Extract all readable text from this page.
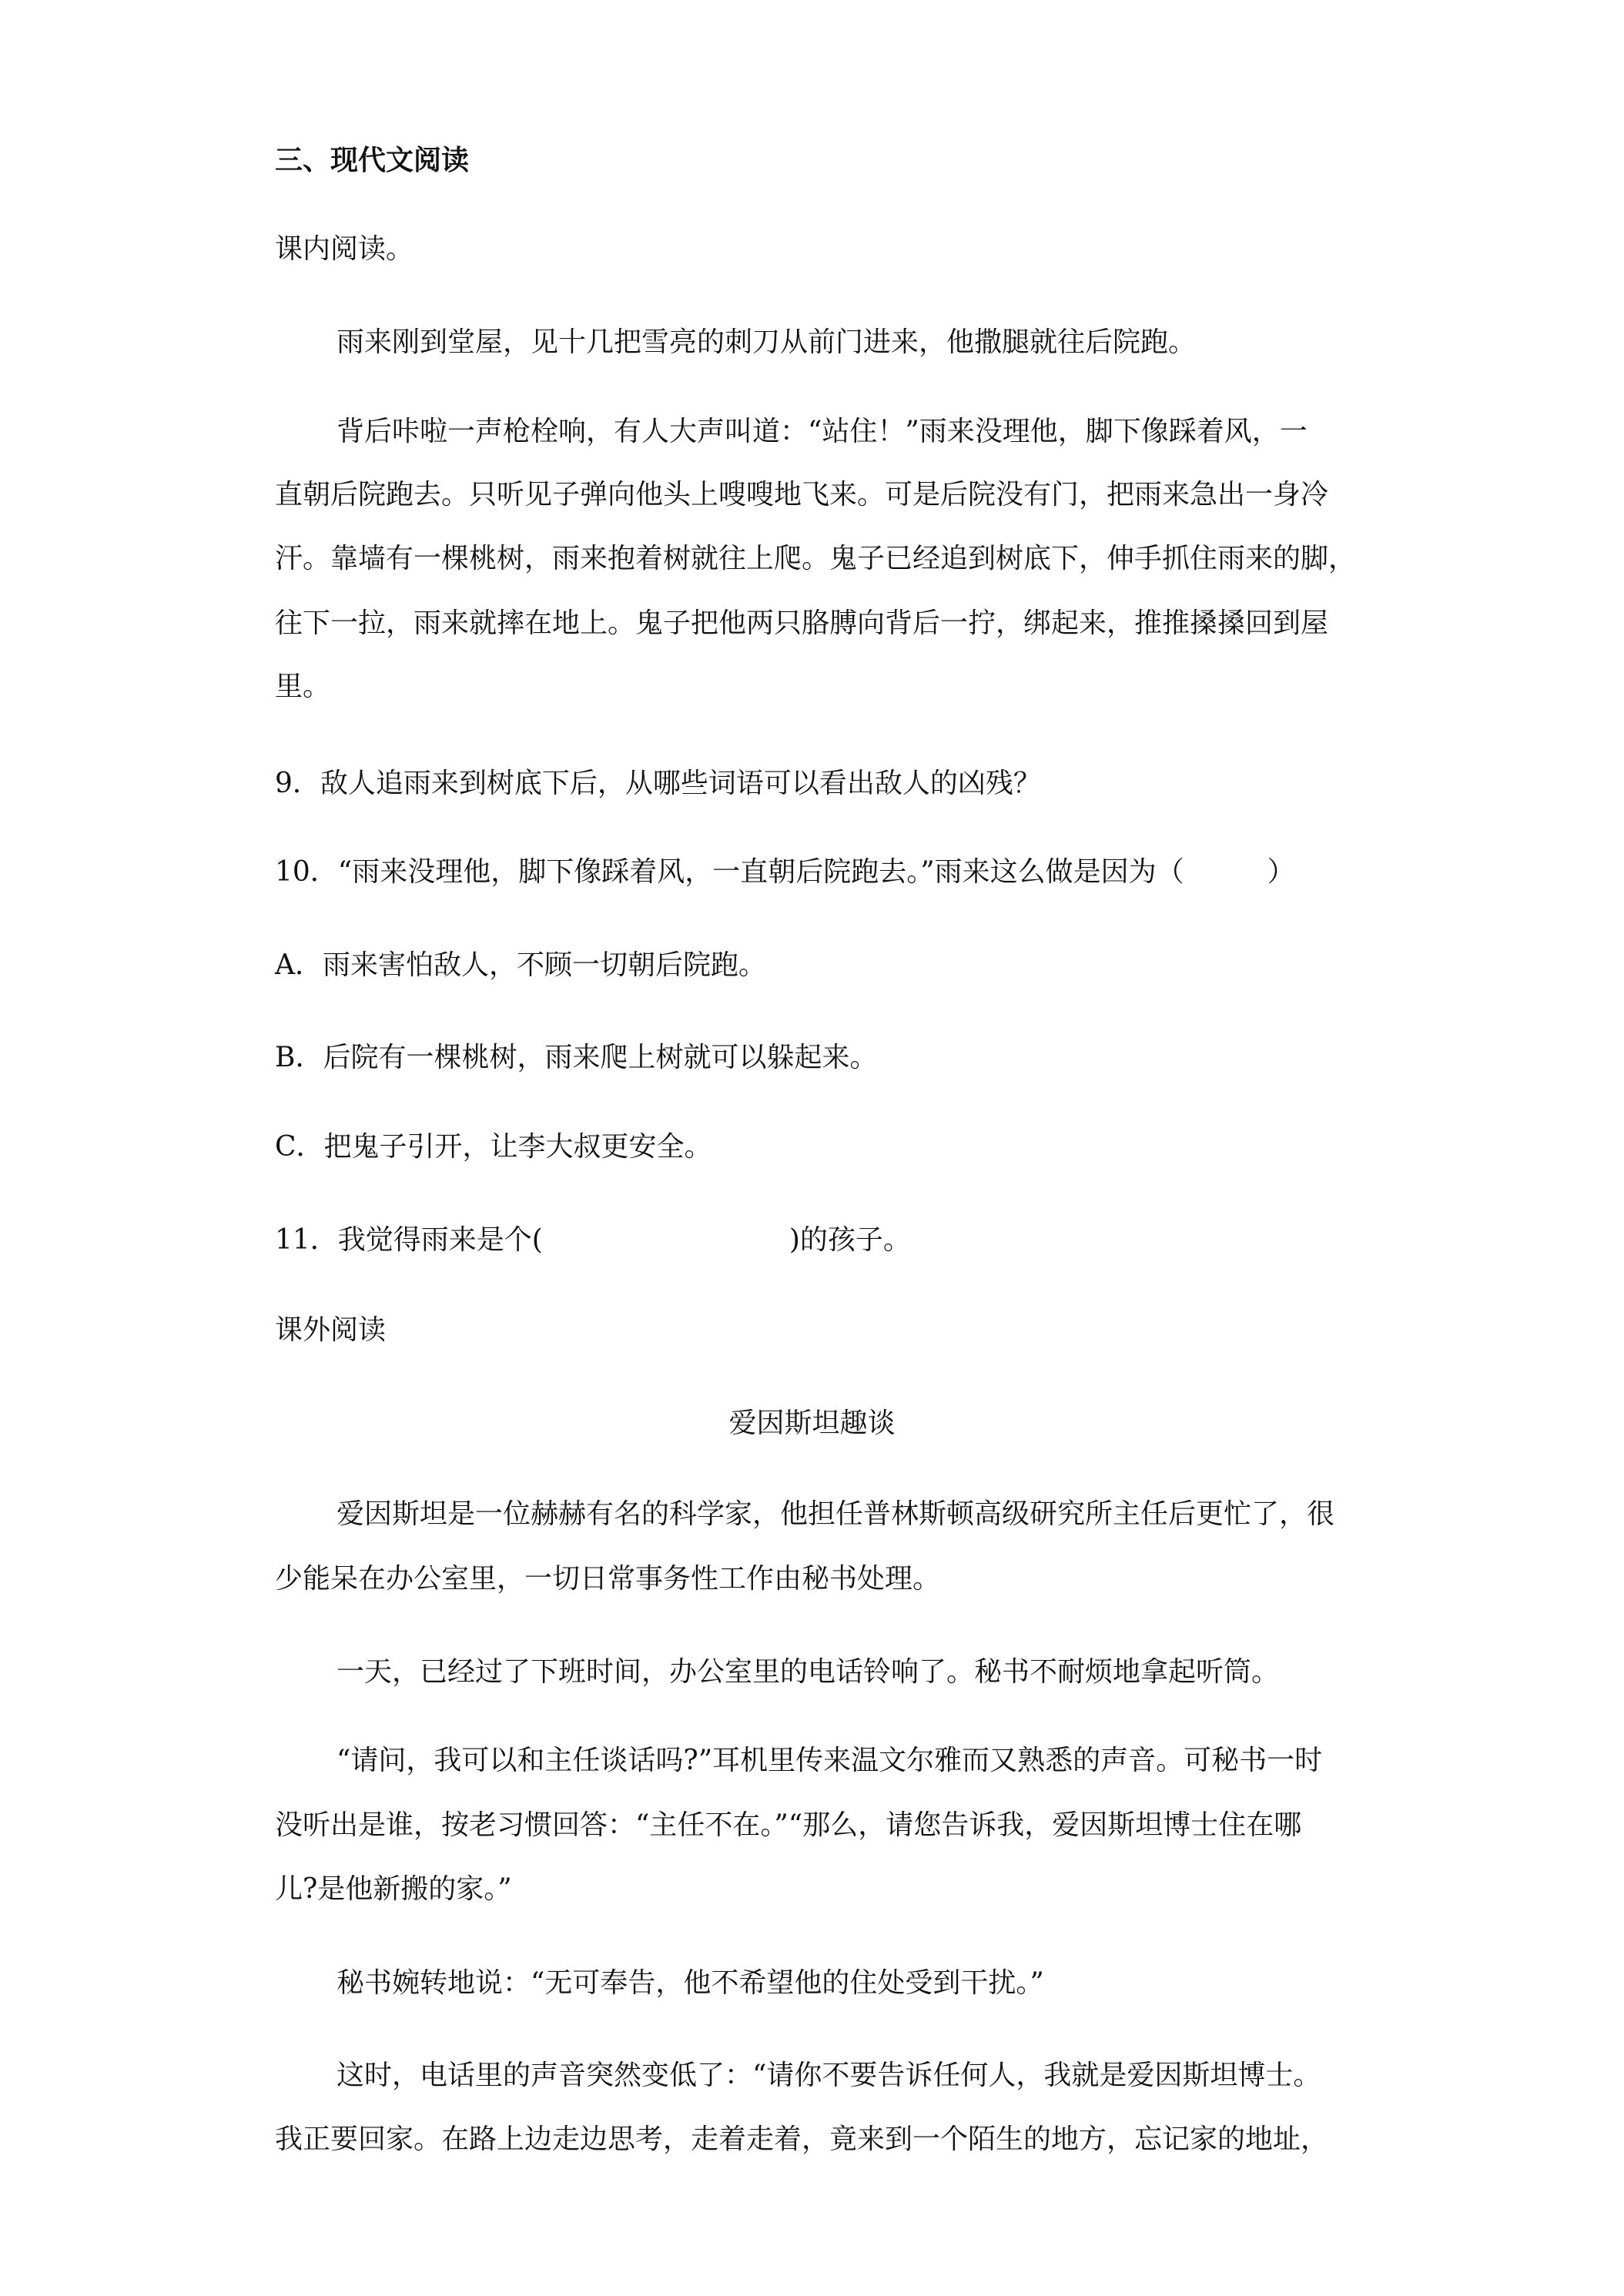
三、现代文阅读
课内阅读。
雨来刚到堂屋，见十几把雪亮的刺刀从前门进来，他撒腿就往后院跑。
背后咔啦一声枪栓响，有人大声叫道：“站住！”雨来没理他，脚下像踩着风，一
直朝后院跑去。只听见子弹向他头上嗖嗖地飞来。可是后院没有门，把雨来急出一身冷
汗。靠墙有一棵桃树，雨来抱着树就往上爬。鬼子已经追到树底下，伸手抓住雨来的脚，
往下一拉，雨来就摔在地上。鬼子把他两只胳膊向背后一拧，绑起来，推推搡搡回到屋
里。
9．敌人追雨来到树底下后，从哪些词语可以看出敌人的凶残？
10．“雨来没理他，脚下像踩着风，一直朝后院跑去。”雨来这么做是因为（　　　）
A．雨来害怕敌人，不顾一切朝后院跑。
B．后院有一棵桃树，雨来爬上树就可以躲起来。
C．把鬼子引开，让李大叔更安全。
11．我觉得雨来是个(	)的孩子。
课外阅读
爱因斯坦趣谈
爱因斯坦是一位赫赫有名的科学家，他担任普林斯顿高级研究所主任后更忙了，很
少能呆在办公室里，一切日常事务性工作由秘书处理。
一天，已经过了下班时间，办公室里的电话铃响了。秘书不耐烦地拿起听筒。
“请问，我可以和主任谈话吗?”耳机里传来温文尔雅而又熟悉的声音。可秘书一时
没听出是谁，按老习惯回答：“主任不在。”“那么，请您告诉我，爱因斯坦博士住在哪
儿?是他新搬的家。”
秘书婉转地说：“无可奉告，他不希望他的住处受到干扰。”
这时，电话里的声音突然变低了：“请你不要告诉任何人，我就是爱因斯坦博士。
我正要回家。在路上边走边思考，走着走着，竟来到一个陌生的地方，忘记家的地址，
